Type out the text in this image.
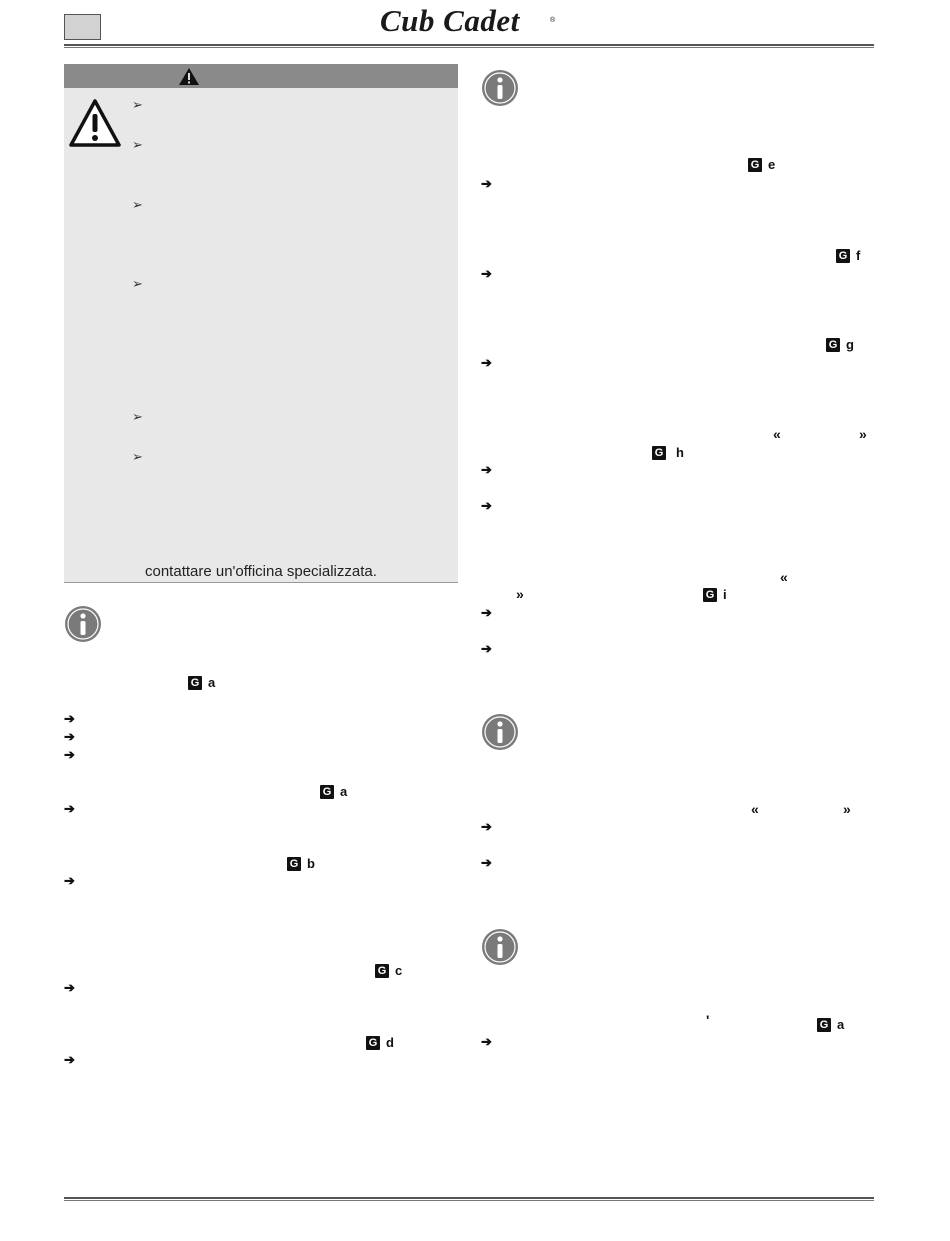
Cub Cadet	®
➢
➢
➢
➢
➢
➢
contattare un'officina specializzata.
G a
G a
G b
G c
G d
➔
➔
➔
➔
➔
➔
➔
G e
G f
G g
G h
G i
G a
«	»
«
»
«	»
'
➔
➔
➔
➔
➔
➔
➔
➔
➔
➔
